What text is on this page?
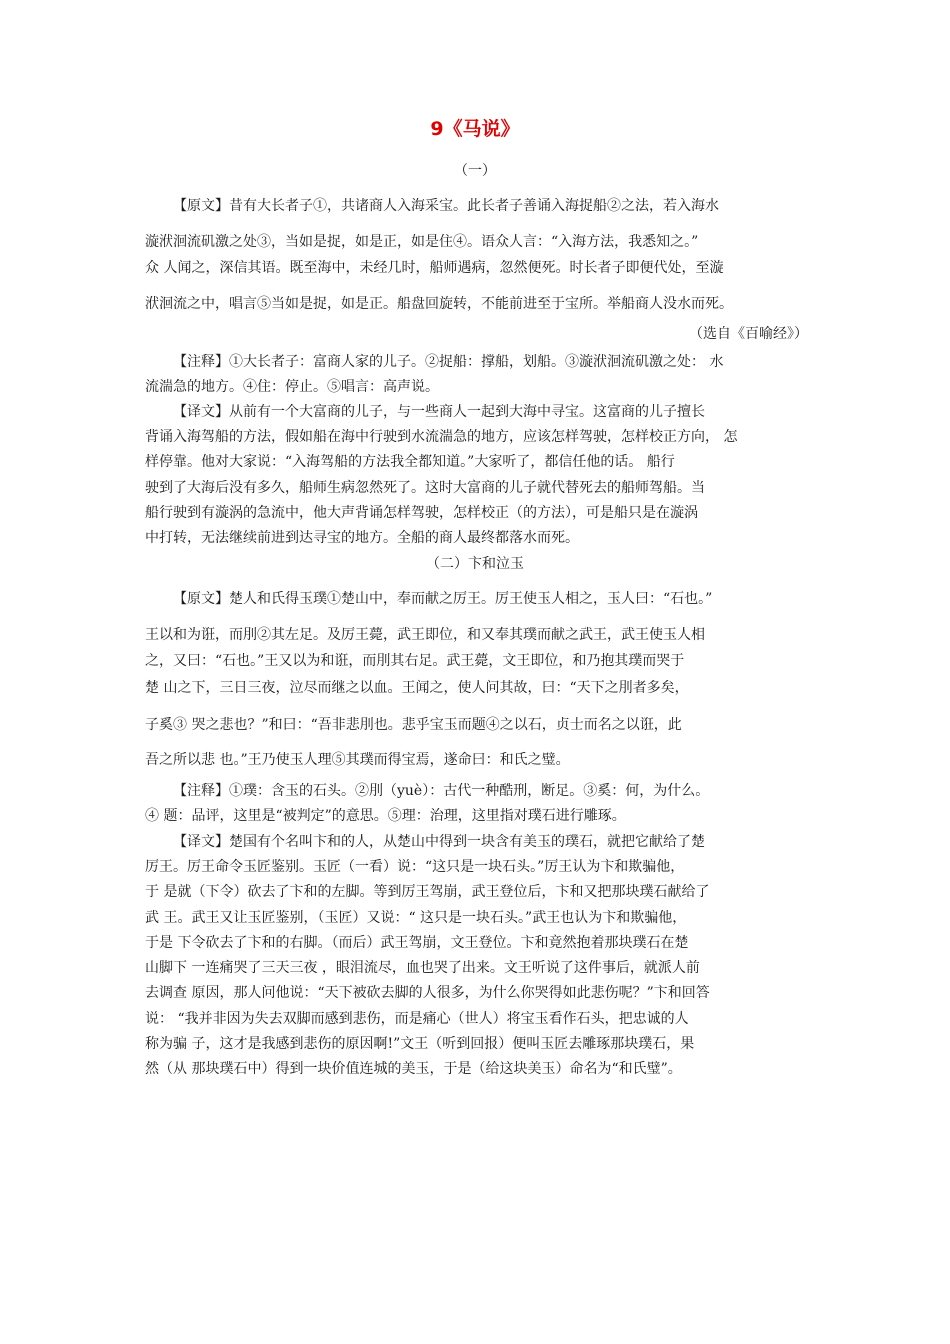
9《马说》
（一）
【原文】昔有大长者子①，共诸商人入海采宝。此长者子善诵入海捉船②之法，若入海水
漩洑洄流矶激之处③，当如是捉，如是正，如是住④。语众人言：“入海方法，我悉知之。”
众 人闻之，深信其语。既至海中，未经几时，船师遇病，忽然便死。时长者子即便代处，至漩
洑洄流之中，唱言⑤当如是捉，如是正。船盘回旋转，不能前进至于宝所。举船商人没水而死。
（选自《百喻经》）
【注释】①大长者子：富商人家的儿子。②捉船：撑船，划船。③漩洑洄流矶激之处： 水
流湍急的地方。④住：停止。⑤唱言：高声说。
【译文】从前有一个大富商的儿子，与一些商人一起到大海中寻宝。这富商的儿子擅长
背诵入海驾船的方法，假如船在海中行驶到水流湍急的地方，应该怎样驾驶，怎样校正方向， 怎
样停靠。他对大家说：“入海驾船的方法我全都知道。”大家听了，都信任他的话。 船行
驶到了大海后没有多久，船师生病忽然死了。这时大富商的儿子就代替死去的船师驾船。当
船行驶到有漩涡的急流中，他大声背诵怎样驾驶，怎样校正（的方法），可是船只是在漩涡
中打转，无法继续前进到达寻宝的地方。全船的商人最终都落水而死。
（二）卞和泣玉
【原文】楚人和氏得玉璞①楚山中，奉而献之厉王。厉王使玉人相之，玉人曰：“石也。”
王以和为诳，而刖②其左足。及厉王薨，武王即位，和又奉其璞而献之武王，武王使玉人相
之，又曰：“石也。”王又以为和诳，而刖其右足。武王薨，文王即位，和乃抱其璞而哭于
楚 山之下，三日三夜，泣尽而继之以血。王闻之，使人问其故，曰：“天下之刖者多矣，
子奚③ 哭之悲也？”和曰：“吾非悲刖也。悲乎宝玉而题④之以石，贞士而名之以诳，此
吾之所以悲 也。”王乃使玉人理⑤其璞而得宝焉，遂命曰：和氏之璧。
【注释】①璞：含玉的石头。②刖（yuè）：古代一种酷刑，断足。③奚：何，为什么。
④ 题：品评，这里是“被判定”的意思。⑤理：治理，这里指对璞石进行雕琢。
【译文】楚国有个名叫卞和的人，从楚山中得到一块含有美玉的璞石，就把它献给了楚
厉王。厉王命令玉匠鉴别。玉匠（一看）说：“这只是一块石头。”厉王认为卞和欺骗他，
于 是就（下令）砍去了卞和的左脚。等到厉王驾崩，武王登位后，卞和又把那块璞石献给了
武 王。武王又让玉匠鉴别，（玉匠）又说：“ 这只是一块石头。”武王也认为卞和欺骗他，
于是 下令砍去了卞和的右脚。（而后）武王驾崩，文王登位。卞和竟然抱着那块璞石在楚
山脚下 一连痛哭了三天三夜 ，眼泪流尽，血也哭了出来。文王听说了这件事后，就派人前
去调查 原因，那人问他说：“天下被砍去脚的人很多，为什么你哭得如此悲伤呢？”卞和回答
说： “我并非因为失去双脚而感到悲伤，而是痛心（世人）将宝玉看作石头，把忠诚的人
称为骗 子，这才是我感到悲伤的原因啊!”文王（听到回报）便叫玉匠去雕琢那块璞石，果
然（从 那块璞石中）得到一块价值连城的美玉，于是（给这块美玉）命名为“和氏璧”。
